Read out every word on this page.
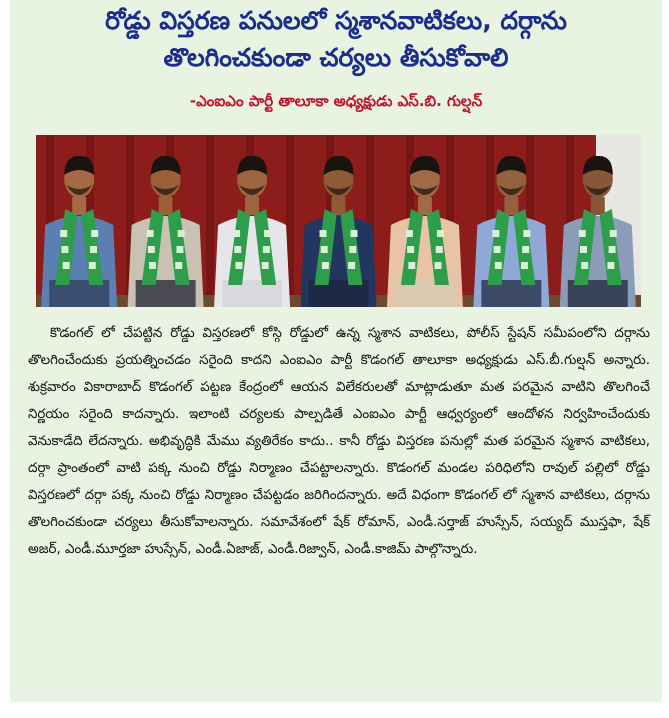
రోడ్డు విస్తరణ పనులలో స్మశానవాటికలు, దర్గాను
తొలగించకుండా చర్యలు తీసుకోవాలి
-ఎంఐఎం పార్టీ తాలూకా అధ్యక్షుడు ఎస్.బి. గుల్షన్

కొడంగల్ లో చేపట్టిన రోడ్డు విస్తరణలో కోస్గి రోడ్డులో ఉన్న స్మశాన వాటికలు, పోలీస్ స్టేషన్ సమీపంలోని దర్గాను తొలగించేందుకు ప్రయత్నించడం సరైంది కాదని ఎంఐఎం పార్టీ కొడంగల్ తాలూకా అధ్యక్షుడు ఎస్.బీ.గుల్షన్ అన్నారు. శుక్రవారం వికారాబాద్ కొడంగల్ పట్టణ కేంద్రంలో ఆయన విలేకరులతో మాట్లాడుతూ మత పరమైన వాటిని తొలగించే నిర్ణయం సరైంది కాదన్నారు. ఇలాంటి చర్యలకు పాల్పడితే ఎంఐఎం పార్టీ ఆధ్వర్యంలో ఆందోళన నిర్వహించేందుకు వెనుకాడేది లేదన్నారు. అభివృద్ధికి మేము వ్యతిరేకం కాదు.. కానీ రోడ్డు విస్తరణ పనుల్లో మత పరమైన స్మశాన వాటికలు, దర్గా ప్రాంతంలో వాటి పక్క నుంచి రోడ్డు నిర్మాణం చేపట్టాలన్నారు. కొడంగల్ మండల పరిధిలోని రావుల్ పల్లిలో రోడ్డు విస్తరణలో దర్గా పక్క నుంచి రోడ్డు నిర్మాణం చేపట్టడం జరిగిందన్నారు. అదే విధంగా కొడంగల్ లో స్మశాన వాటికలు, దర్గాను తొలగించకుండా చర్యలు తీసుకోవాలన్నారు. సమావేశంలో షేక్ రోమాన్, ఎండీ.సర్తాజ్ హుస్సేన్, సయ్యద్ ముస్తఫా, షేక్ అజర్, ఎండీ.మూర్తజా హుస్సేన్, ఎండీ.ఏజాజ్, ఎండీ.రిజ్వాన్, ఎండీ.కాజిమ్ పాల్గొన్నారు.
